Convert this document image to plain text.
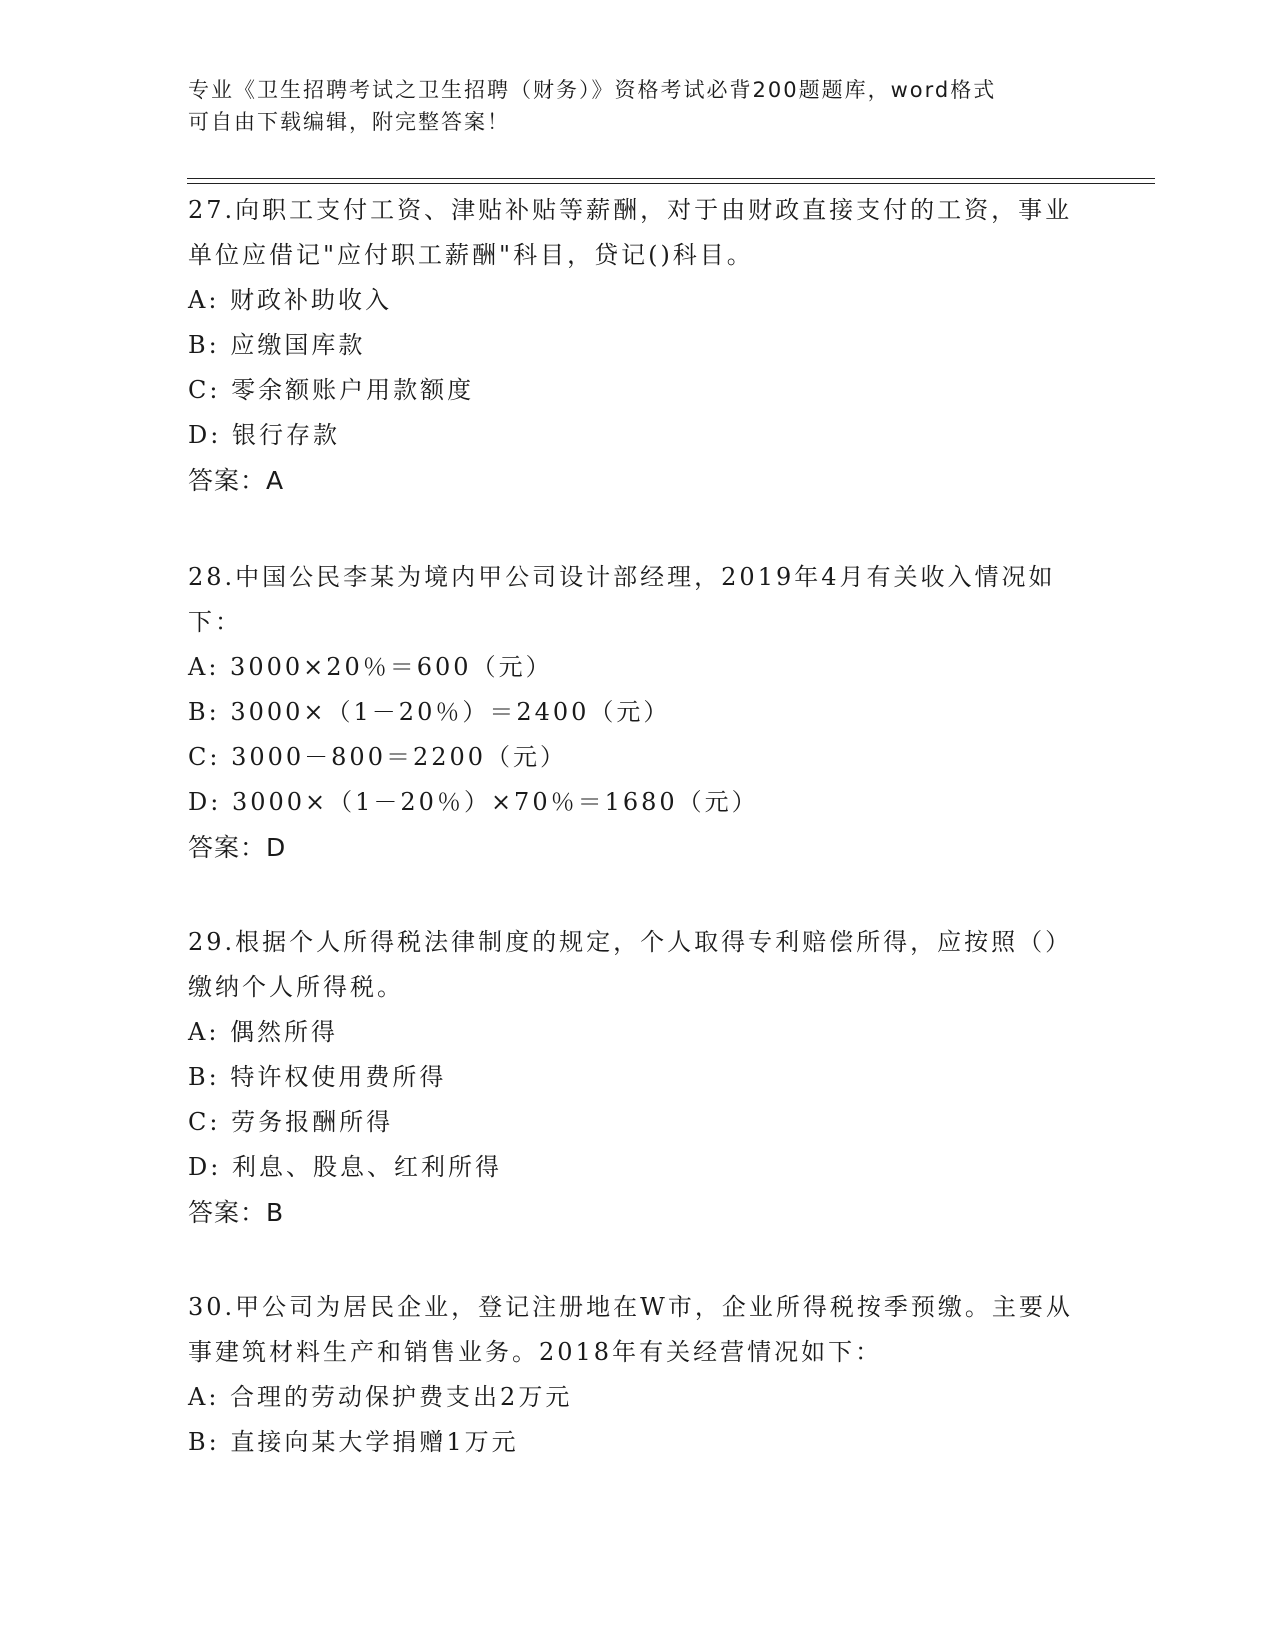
专业《卫生招聘考试之卫生招聘（财务）》资格考试必背200题题库，word格式
可自由下载编辑，附完整答案！
27.向职工支付工资、津贴补贴等薪酬，对于由财政直接支付的工资，事业单位应借记"应付职工薪酬"科目，贷记()科目。
A: 财政补助收入
B: 应缴国库款
C: 零余额账户用款额度
D: 银行存款
答案：A
28.中国公民李某为境内甲公司设计部经理，2019年4月有关收入情况如下：
A: 3000×20％＝600（元）
B: 3000×（1－20％）＝2400（元）
C: 3000－800＝2200（元）
D: 3000×（1－20％）×70％＝1680（元）
答案：D
29.根据个人所得税法律制度的规定，个人取得专利赔偿所得，应按照（）缴纳个人所得税。
A: 偶然所得
B: 特许权使用费所得
C: 劳务报酬所得
D: 利息、股息、红利所得
答案：B
30.甲公司为居民企业，登记注册地在W市，企业所得税按季预缴。主要从事建筑材料生产和销售业务。2018年有关经营情况如下：
A: 合理的劳动保护费支出2万元
B: 直接向某大学捐赠1万元
